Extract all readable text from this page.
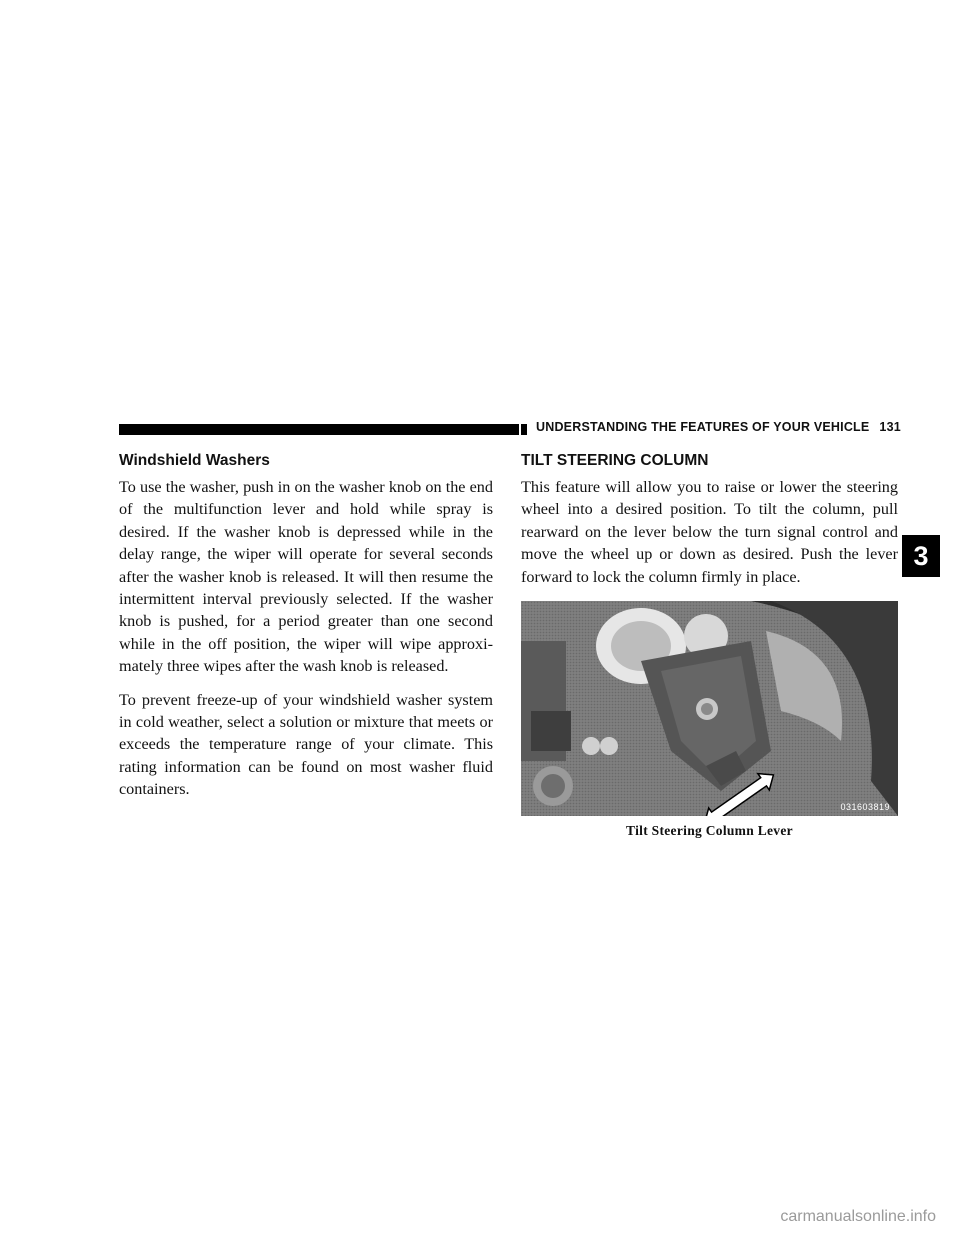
UNDERSTANDING THE FEATURES OF YOUR VEHICLE 131
3
Windshield Washers

To use the washer, push in on the washer knob on the end of the multifunction lever and hold while spray is desired. If the washer knob is depressed while in the delay range, the wiper will operate for several seconds after the washer knob is released. It will then resume the intermittent interval previously selected. If the washer knob is pushed, for a period greater than one second while in the off position, the wiper will wipe approxi-mately three wipes after the wash knob is released.

To prevent freeze-up of your windshield washer system in cold weather, select a solution or mixture that meets or exceeds the temperature range of your climate. This rating information can be found on most washer fluid containers.

TILT STEERING COLUMN

This feature will allow you to raise or lower the steering wheel into a desired position. To tilt the column, pull rearward on the lever below the turn signal control and move the wheel up or down as desired. Push the lever forward to lock the column firmly in place.

031603819
Tilt Steering Column Lever
carmanualsonline.info
